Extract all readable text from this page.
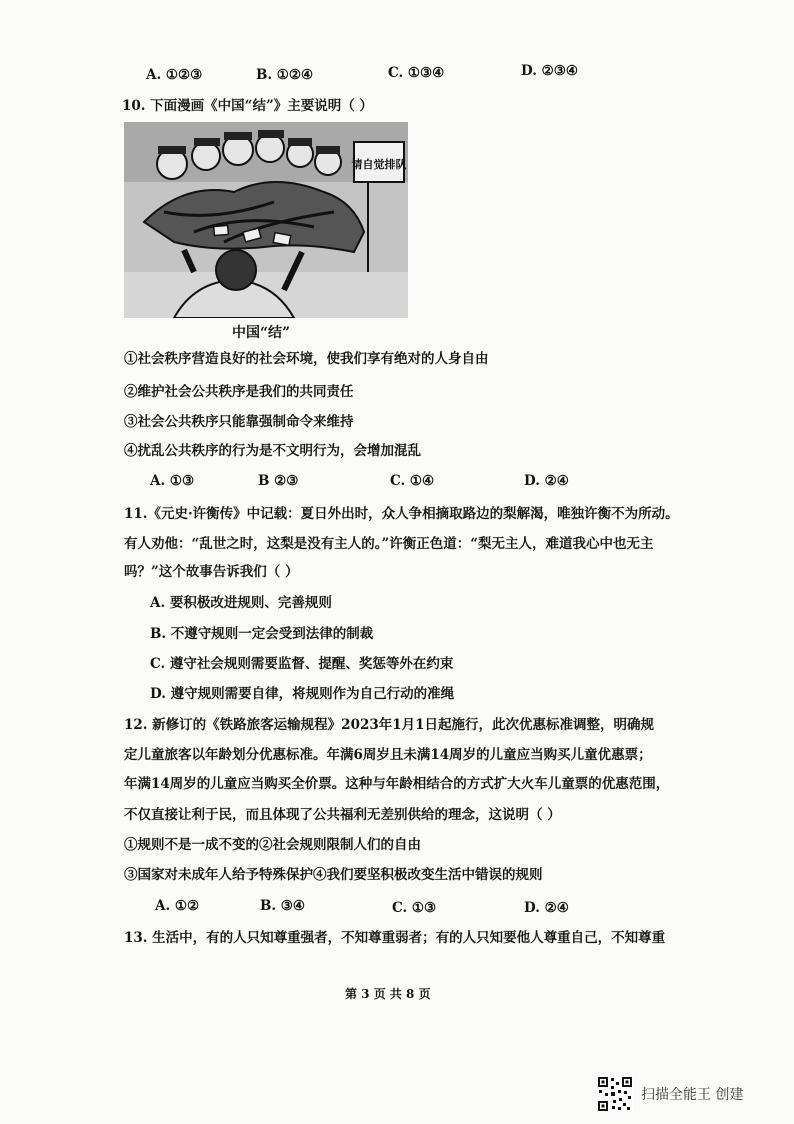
A. ①②③	B. ①②④	C. ①③④	D. ②③④
10. 下面漫画《中国“结”》主要说明（ ）
请自觉排队
中国“结”
①社会秩序营造良好的社会环境，使我们享有绝对的人身自由
②维护社会公共秩序是我们的共同责任
③社会公共秩序只能靠强制命令来维持
④扰乱公共秩序的行为是不文明行为，会增加混乱
A. ①③	B ②③	C. ①④	D. ②④
11.《元史·许衡传》中记载：夏日外出时，众人争相摘取路边的梨解渴，唯独许衡不为所动。
有人劝他：“乱世之时，这梨是没有主人的。”许衡正色道：“梨无主人，难道我心中也无主
吗？”这个故事告诉我们（ ）
A. 要积极改进规则、完善规则
B. 不遵守规则一定会受到法律的制裁
C. 遵守社会规则需要监督、提醒、奖惩等外在约束
D. 遵守规则需要自律，将规则作为自己行动的准绳
12. 新修订的《铁路旅客运输规程》2023年1月1日起施行，此次优惠标准调整，明确规
定儿童旅客以年龄划分优惠标准。年满6周岁且未满14周岁的儿童应当购买儿童优惠票；
年满14周岁的儿童应当购买全价票。这种与年龄相结合的方式扩大火车儿童票的优惠范围，
不仅直接让利于民，而且体现了公共福利无差别供给的理念，这说明（ ）
①规则不是一成不变的②社会规则限制人们的自由
③国家对未成年人给予特殊保护④我们要坚积极改变生活中错误的规则
A. ①②	B. ③④	C. ①③	D. ②④
13. 生活中，有的人只知尊重强者，不知尊重弱者；有的人只知要他人尊重自己，不知尊重
第 3 页 共 8 页
扫描全能王 创建
